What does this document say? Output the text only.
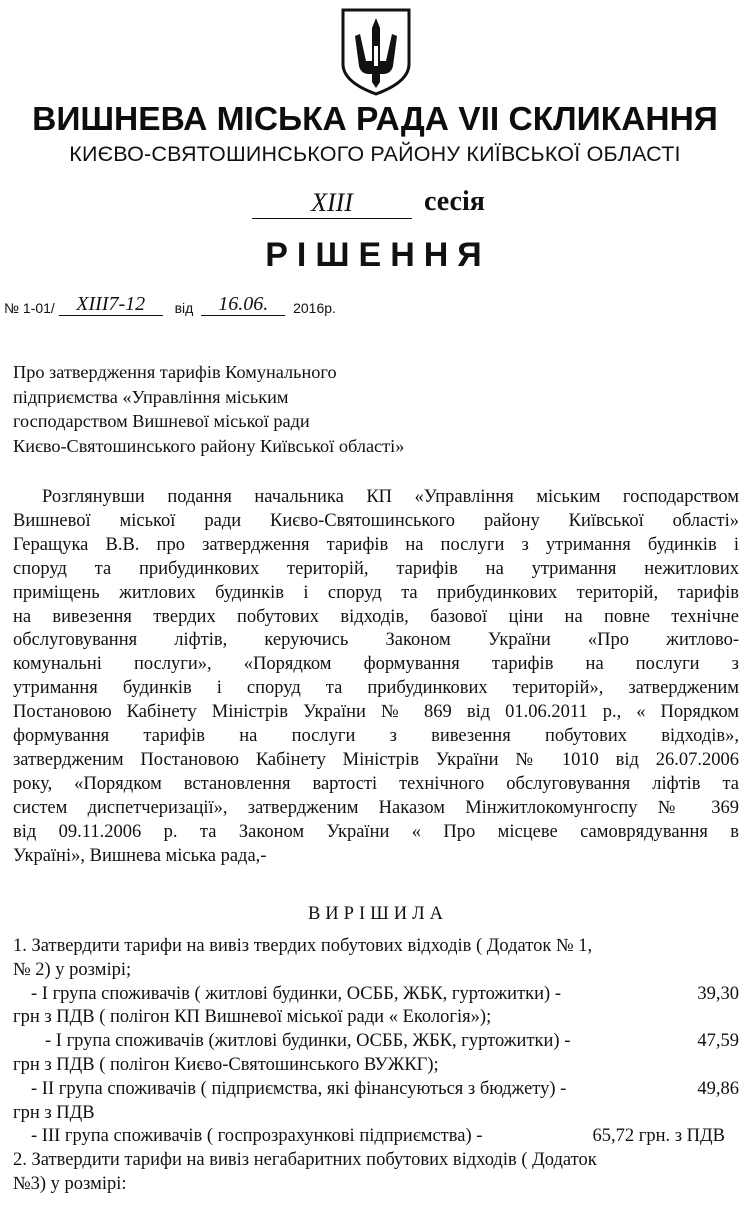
ВИШНЕВА МІСЬКА РАДА VII СКЛИКАННЯ
КИЄВО-СВЯТОШИНСЬКОГО РАЙОНУ КИЇВСЬКОЇ ОБЛАСТІ
XIII	сесія
РІШЕННЯ
№ 1-01/ XIII7-12 від 16.06. 2016р.
Про затвердження тарифів Комунального
підприємства «Управління міським
господарством Вишневої міської ради
Києво-Святошинського району Київської області»
Розглянувши подання начальника КП «Управління міським господарством
Вишневої міської ради Києво-Святошинського району Київської області»
Геращука В.В. про затвердження тарифів на послуги з утримання будинків і
споруд та прибудинкових територій, тарифів на утримання нежитлових
приміщень житлових будинків і споруд та прибудинкових територій, тарифів
на вивезення твердих побутових відходів, базової ціни на повне технічне
обслуговування ліфтів, керуючись Законом України «Про житлово-
комунальні послуги», «Порядком формування тарифів на послуги з
утримання будинків і споруд та прибудинкових територій», затвердженим
Постановою Кабінету Міністрів України № 869 від 01.06.2011 р., « Порядком
формування тарифів на послуги з вивезення побутових відходів»,
затвердженим Постановою Кабінету Міністрів України № 1010 від 26.07.2006
року, «Порядком встановлення вартості технічного обслуговування ліфтів та
систем диспетчеризації», затвердженим Наказом Мінжитлокомунгоспу № 369
від 09.11.2006 р. та Законом України « Про місцеве самоврядування в
Україні», Вишнева міська рада,-
ВИРІШИЛА
1. Затвердити тарифи на вивіз твердих побутових відходів ( Додаток № 1,
№ 2) у розмірі;
- І група споживачів ( житлові будинки, ОСББ, ЖБК, гуртожитки) -	39,30
грн з ПДВ ( полігон КП Вишневої міської ради « Екологія»);
- І група споживачів (житлові будинки, ОСББ, ЖБК, гуртожитки) -	47,59
грн з ПДВ ( полігон Києво-Святошинського ВУЖКГ);
- ІІ група споживачів ( підприємства, які фінансуються з бюджету) -	49,86
грн з ПДВ
- ІІІ група споживачів ( госпрозрахункові підприємства) -	65,72 грн. з ПДВ
2. Затвердити тарифи на вивіз негабаритних побутових відходів ( Додаток
№3) у розмірі:
